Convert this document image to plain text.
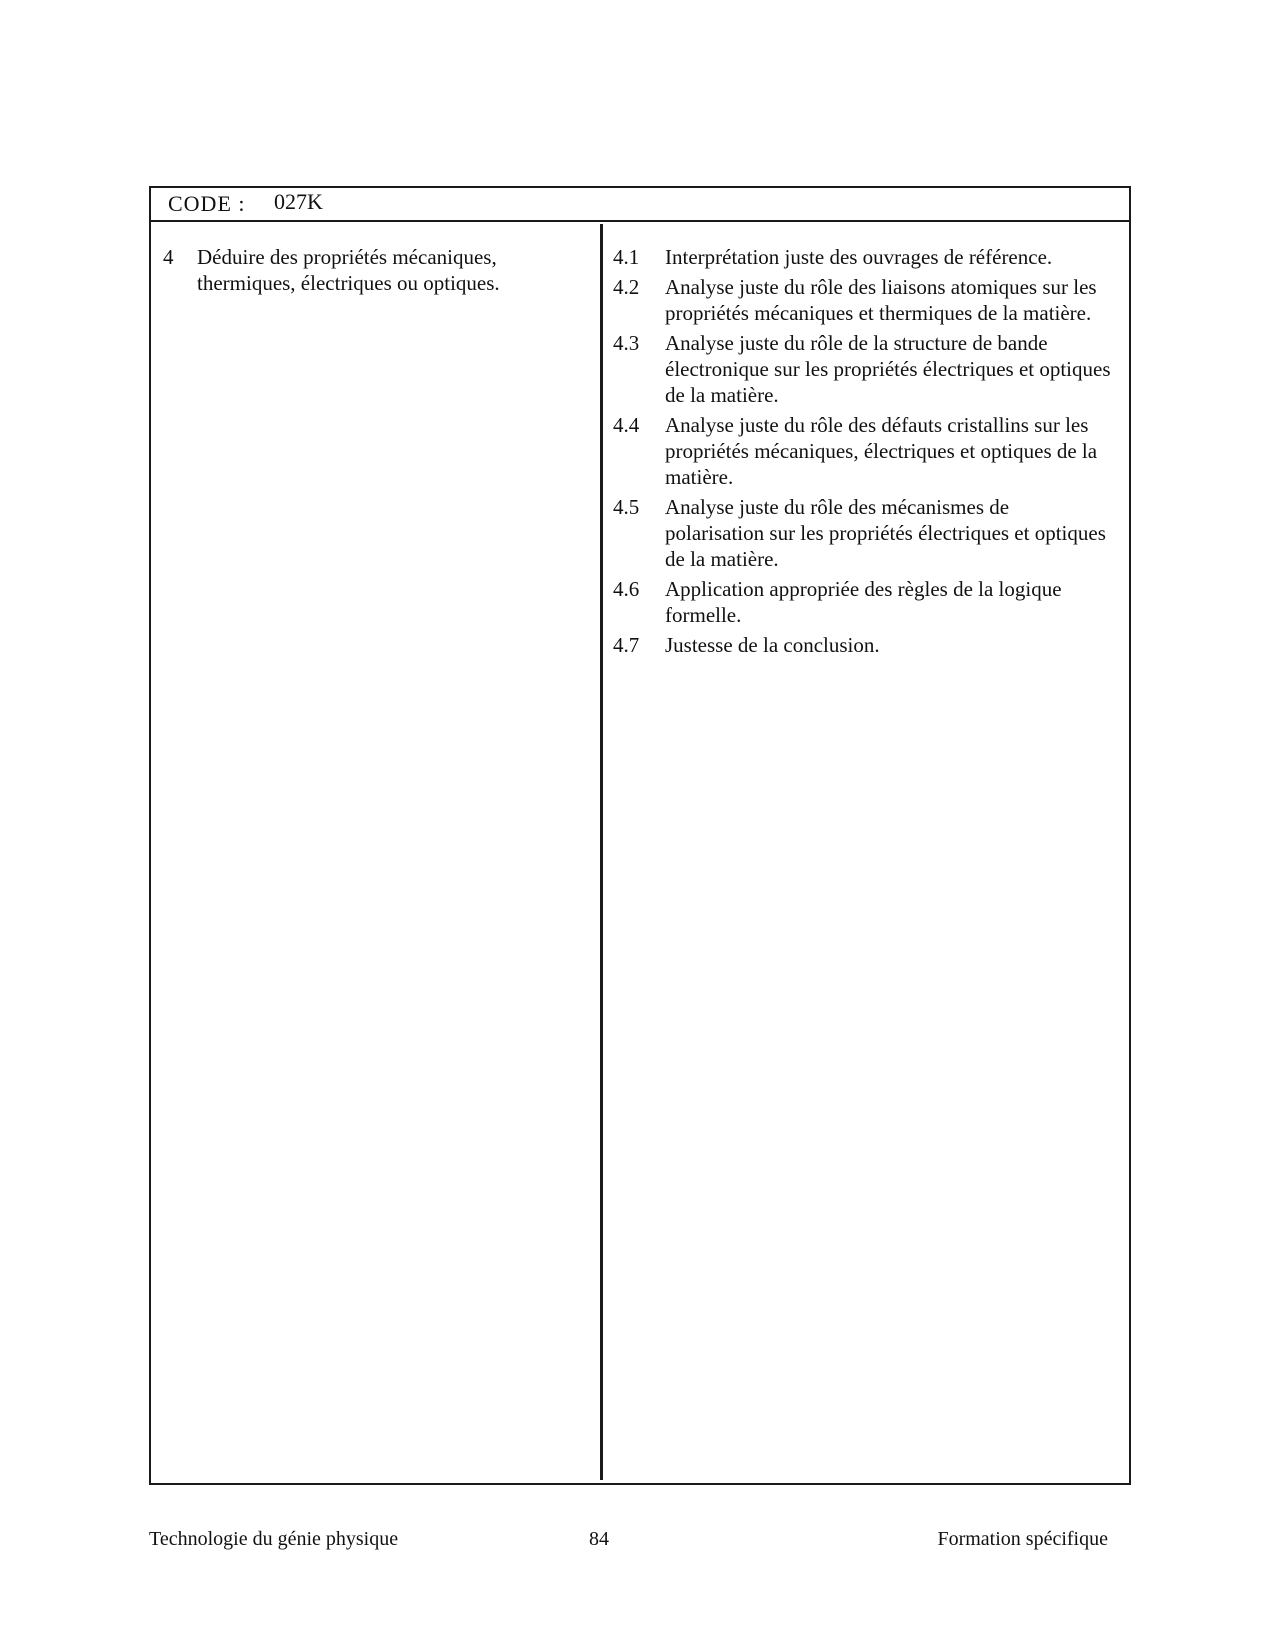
CODE : 027K
4	Déduire des propriétés mécaniques, thermiques, électriques ou optiques.
4.1	Interprétation juste des ouvrages de référence.
4.2	Analyse juste du rôle des liaisons atomiques sur les propriétés mécaniques et thermiques de la matière.
4.3	Analyse juste du rôle de la structure de bande électronique sur les propriétés électriques et optiques de la matière.
4.4	Analyse juste du rôle des défauts cristallins sur les propriétés mécaniques, électriques et optiques de la matière.
4.5	Analyse juste du rôle des mécanismes de polarisation sur les propriétés électriques et optiques de la matière.
4.6	Application appropriée des règles de la logique formelle.
4.7	Justesse de la conclusion.
Technologie du génie physique	84	Formation spécifique
